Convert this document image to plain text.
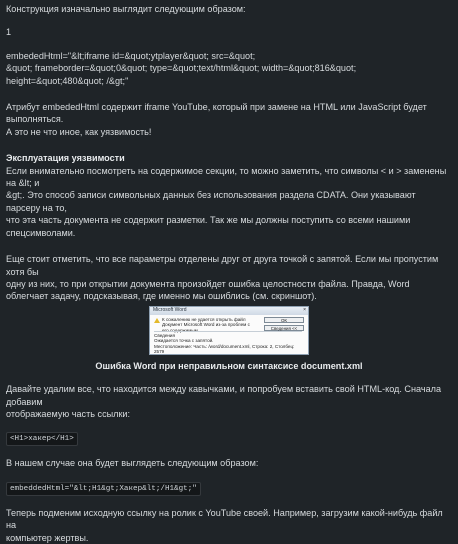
Конструкция изначально выглядит следующим образом:

1

embededHtml="&lt;iframe id=&quot;ytplayer&quot; src=&quot;

&quot; frameborder=&quot;0&quot; type=&quot;text/html&quot; width=&quot;816&quot; height=&quot;480&quot; /&gt;"

Атрибут embededHtml содержит iframe YouTube, который при замене на HTML или JavaScript будет выполняться.

А это не что иное, как уязвимость!

Эксплуатация уязвимости

Если внимательно посмотреть на содержимое секции, то можно заметить, что символы < и > заменены на &lt; и

&gt;. Это способ записи символьных данных без использования раздела CDATA. Они указывают парсеру на то,

что эта часть документа не содержит разметки. Так же мы должны поступить со всеми нашими спецсимволами.

Еще стоит отметить, что все параметры отделены друг от друга точкой с запятой. Если мы пропустим хотя бы

одну из них, то при открытии документа произойдет ошибка целостности файла. Правда, Word

облегчает задачу, подсказывая, где именно мы ошиблись (см. скриншот).

Microsoft Word	×
К сожалению не удается открыть файл Документ Microsoft Word из-за проблем с его содержимым.
ОК
Сведения <<
Сведения
Ожидается точка с запятой.
Местоположение: Часть: /word/document.xml, Строка: 2, Столбец: 2579

Ошибка Word при неправильном синтаксисе document.xml

Давайте удалим все, что находится между кавычками, и попробуем вставить свой HTML-код. Сначала добавим

отображаемую часть ссылки:

<H1>хакер</H1>

В нашем случае она будет выглядеть следующим образом:

embeddedHtml="&lt;H1&gt;Хакер&lt;/H1&gt;"

Теперь подменим исходную ссылку на ролик с YouTube своей. Например, загрузим какой-нибудь файл на

компьютер жертвы.
